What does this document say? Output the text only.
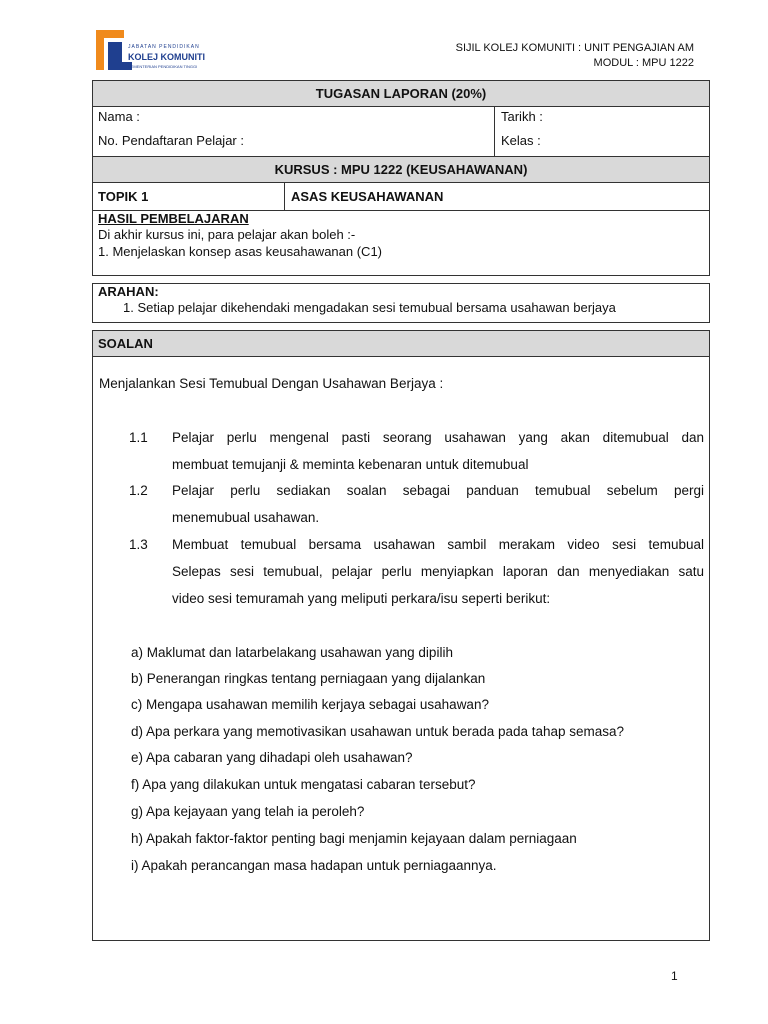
JABATAN PENDIDIKAN
KOLEJ KOMUNITI
KEMENTERIAN PENDIDIKAN TINGGI
SIJIL KOLEJ KOMUNITI : UNIT PENGAJIAN AM
MODUL : MPU 1222
TUGASAN LAPORAN (20%)
Nama :
No. Pendaftaran Pelajar :
Tarikh :
Kelas :
KURSUS : MPU 1222 (KEUSAHAWANAN)
TOPIK 1	ASAS KEUSAHAWANAN
HASIL PEMBELAJARAN
Di akhir kursus ini, para pelajar akan boleh :-
1. Menjelaskan konsep asas keusahawanan (C1)
ARAHAN:
1. Setiap pelajar dikehendaki mengadakan sesi temubual bersama usahawan berjaya
SOALAN
Menjalankan Sesi Temubual Dengan Usahawan Berjaya :
1.1 Pelajar perlu mengenal pasti seorang usahawan yang akan ditemubual dan
membuat temujanji & meminta kebenaran untuk ditemubual
1.2 Pelajar perlu sediakan soalan sebagai panduan temubual sebelum pergi
menemubual usahawan.
1.3 Membuat temubual bersama usahawan sambil merakam video sesi temubual
Selepas sesi temubual, pelajar perlu menyiapkan laporan dan menyediakan satu
video sesi temuramah yang meliputi perkara/isu seperti berikut:
a) Maklumat dan latarbelakang usahawan yang dipilih
b) Penerangan ringkas tentang perniagaan yang dijalankan
c) Mengapa usahawan memilih kerjaya sebagai usahawan?
d) Apa perkara yang memotivasikan usahawan untuk berada pada tahap semasa?
e) Apa cabaran yang dihadapi oleh usahawan?
f) Apa yang dilakukan untuk mengatasi cabaran tersebut?
g) Apa kejayaan yang telah ia peroleh?
h) Apakah faktor-faktor penting bagi menjamin kejayaan dalam perniagaan
i) Apakah perancangan masa hadapan untuk perniagaannya.
1
